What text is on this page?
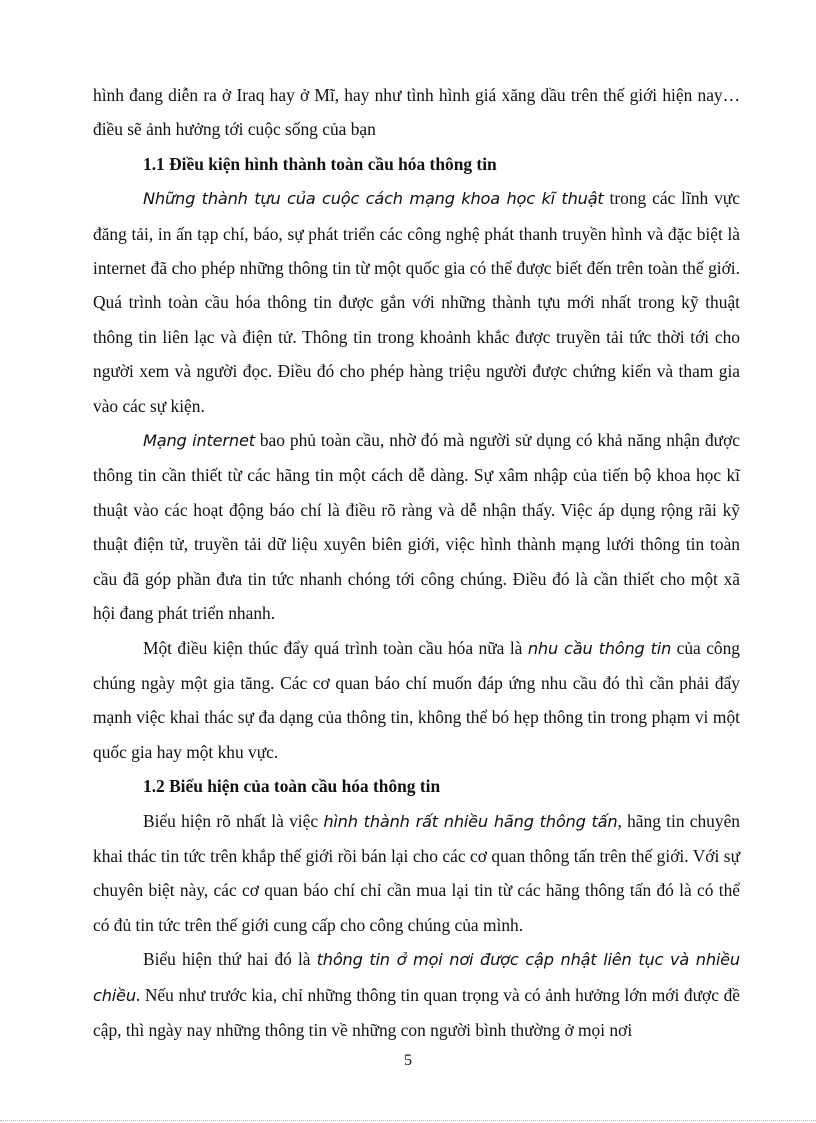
hình đang diễn ra ở Iraq hay ở Mĩ, hay như tình hình giá xăng dầu trên thế giới hiện nay… điều sẽ ảnh hưởng tới cuộc sống của bạn

1.1 Điều kiện hình thành toàn cầu hóa thông tin

Những thành tựu của cuộc cách mạng khoa học kĩ thuật trong các lĩnh vực đăng tải, in ấn tạp chí, báo, sự phát triển các công nghệ phát thanh truyền hình và đặc biệt là internet đã cho phép những thông tin từ một quốc gia có thể được biết đến trên toàn thế giới. Quá trình toàn cầu hóa thông tin được gắn với những thành tựu mới nhất trong kỹ thuật thông tin liên lạc và điện tử. Thông tin trong khoảnh khắc được truyền tải tức thời tới cho người xem và người đọc. Điều đó cho phép hàng triệu người được chứng kiến và tham gia vào các sự kiện.

Mạng internet bao phủ toàn cầu, nhờ đó mà người sử dụng có khả năng nhận được thông tin cần thiết từ các hãng tin một cách dễ dàng. Sự xâm nhập của tiến bộ khoa học kĩ thuật vào các hoạt động báo chí là điều rõ ràng và dễ nhận thấy. Việc áp dụng rộng rãi kỹ thuật điện tử, truyền tải dữ liệu xuyên biên giới, việc hình thành mạng lưới thông tin toàn cầu đã góp phần đưa tin tức nhanh chóng tới công chúng. Điều đó là cần thiết cho một xã hội đang phát triển nhanh.

Một điều kiện thúc đẩy quá trình toàn cầu hóa nữa là nhu cầu thông tin của công chúng ngày một gia tăng. Các cơ quan báo chí muốn đáp ứng nhu cầu đó thì cần phải đẩy mạnh việc khai thác sự đa dạng của thông tin, không thể bó hẹp thông tin trong phạm vi một quốc gia hay một khu vực.

1.2 Biểu hiện của toàn cầu hóa thông tin

Biểu hiện rõ nhất là việc hình thành rất nhiều hãng thông tấn, hãng tin chuyên khai thác tin tức trên khắp thế giới rồi bán lại cho các cơ quan thông tấn trên thế giới. Với sự chuyên biệt này, các cơ quan báo chí chỉ cần mua lại tin từ các hãng thông tấn đó là có thể có đủ tin tức trên thế giới cung cấp cho công chúng của mình.

Biểu hiện thứ hai đó là thông tin ở mọi nơi được cập nhật liên tục và nhiều chiều. Nếu như trước kia, chỉ những thông tin quan trọng và có ảnh hưởng lớn mới được đề cập, thì ngày nay những thông tin về những con người bình thường ở mọi nơi

5
